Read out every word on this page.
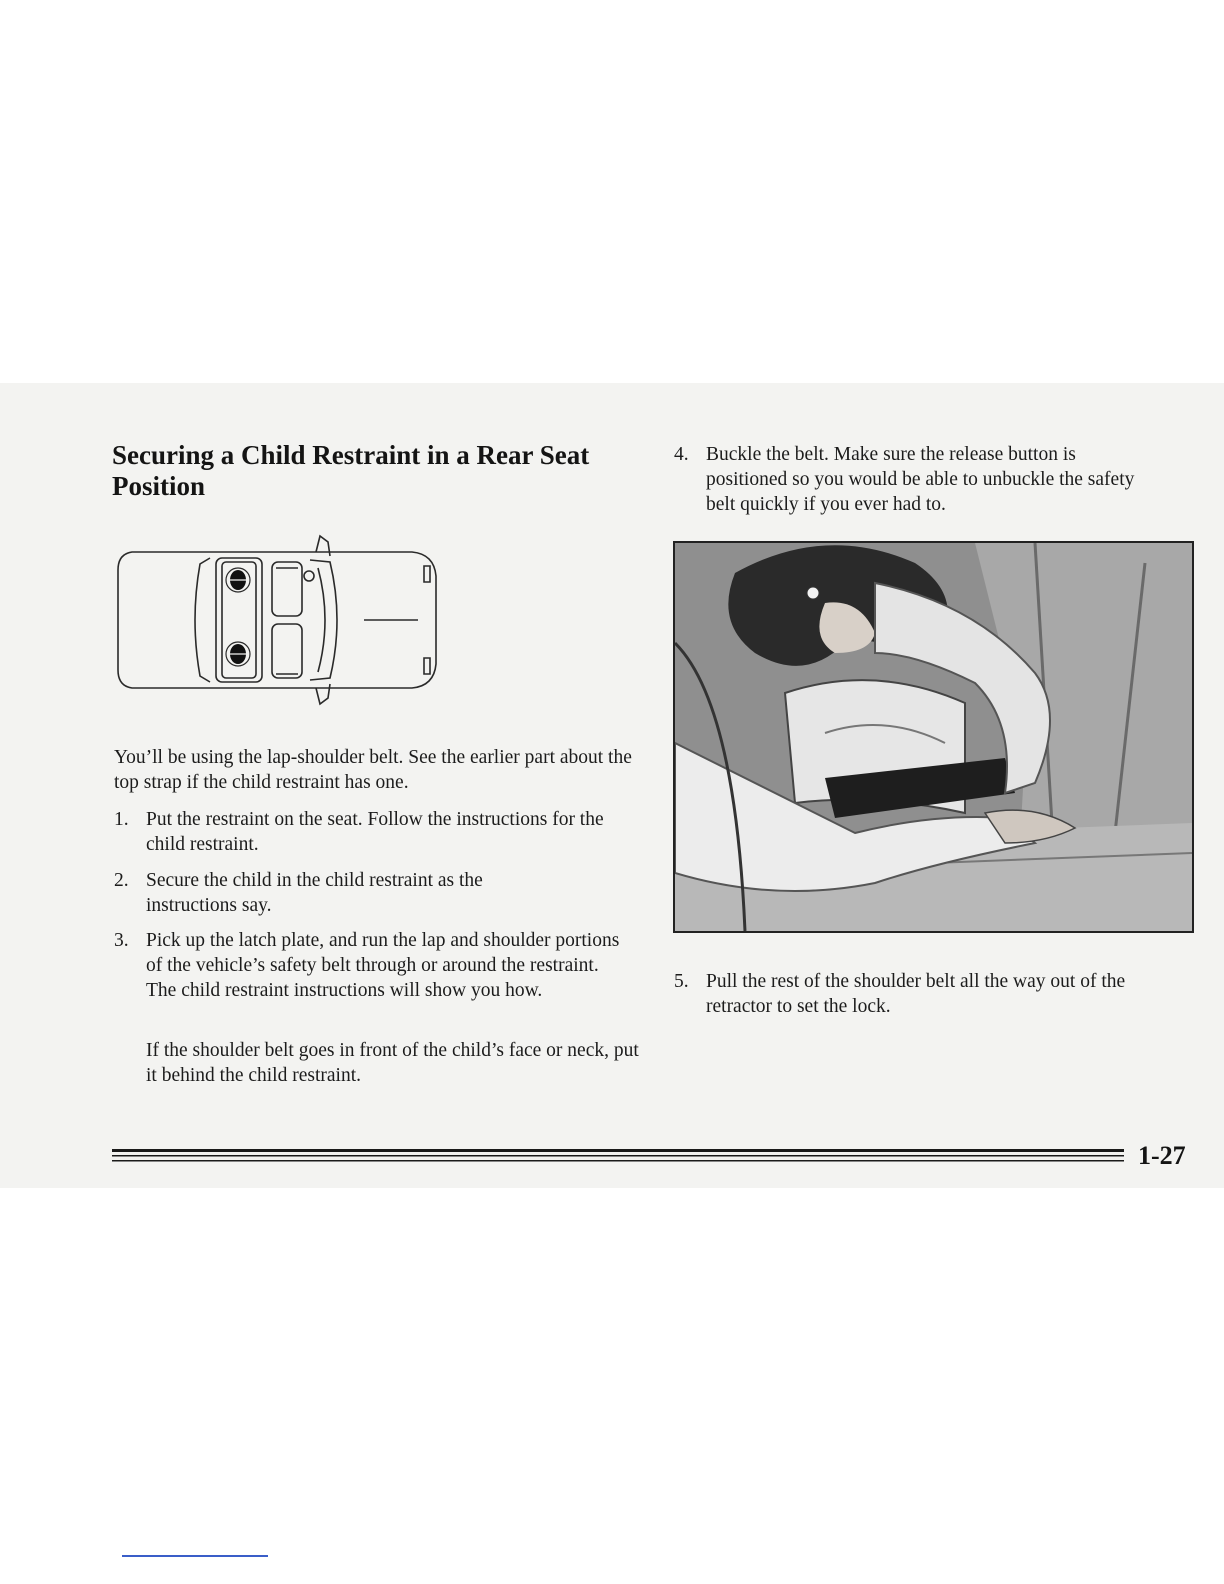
Securing a Child Restraint in a Rear Seat Position

You’ll be using the lap-shoulder belt. See the earlier part about the top strap if the child restraint has one.

1. Put the restraint on the seat. Follow the instructions for the child restraint.
2. Secure the child in the child restraint as the instructions say.
3. Pick up the latch plate, and run the lap and shoulder portions of the vehicle’s safety belt through or around the restraint. The child restraint instructions will show you how.

If the shoulder belt goes in front of the child’s face or neck, put it behind the child restraint.

4. Buckle the belt. Make sure the release button is positioned so you would be able to unbuckle the safety belt quickly if you ever had to.
5. Pull the rest of the shoulder belt all the way out of the retractor to set the lock.
1-27
